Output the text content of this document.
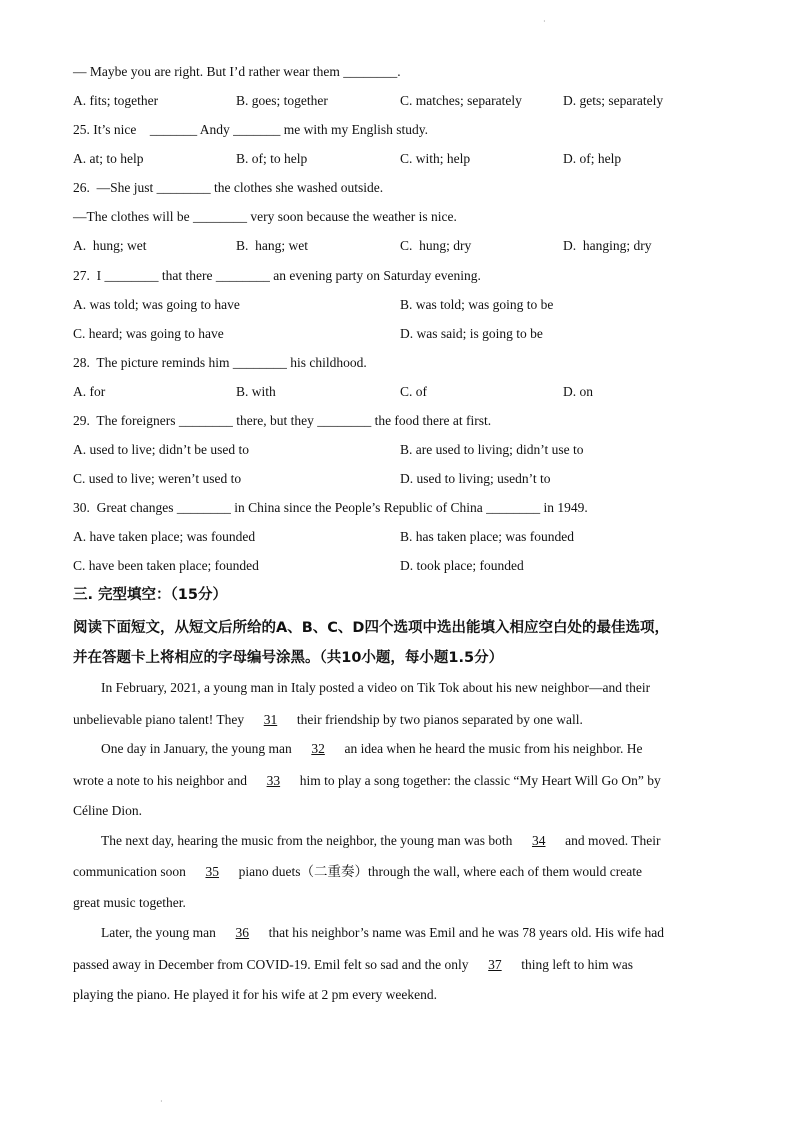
·
— Maybe you are right. But I’d rather wear them ________.
A. fits; together	B. goes; together	C. matches; separately	D. gets; separately
25. It’s nice    _______ Andy _______ me with my English study.
A. at; to help	B. of; to help	C. with; help	D. of; help
26.  —She just ________ the clothes she washed outside.
—The clothes will be ________ very soon because the weather is nice.
A.  hung; wet	B.  hang; wet	C.  hung; dry	D.  hanging; dry
27.  I ________ that there ________ an evening party on Saturday evening.
A. was told; was going to have	B. was told; was going to be
C. heard; was going to have	D. was said; is going to be
28.  The picture reminds him ________ his childhood.
A. for	B. with	C. of	D. on
29.  The foreigners ________ there, but they ________ the food there at first.
A. used to live; didn’t be used to	B. are used to living; didn’t use to
C. used to live; weren’t used to	D. used to living; usedn’t to
30.  Great changes ________ in China since the People’s Republic of China ________ in 1949.
A. have taken place; was founded	B. has taken place; was founded
C. have been taken place; founded	D. took place; founded
三. 完型填空：（15分）
阅读下面短文，从短文后所给的A、B、C、D四个选项中选出能填入相应空白处的最佳选项，
并在答题卡上将相应的字母编号涂黑。（共10小题，每小题1.5分）
In February, 2021, a young man in Italy posted a video on Tik Tok about his new neighbor—and their
unbelievable piano talent! They 31 their friendship by two pianos separated by one wall.
One day in January, the young man 32 an idea when he heard the music from his neighbor. He
wrote a note to his neighbor and 33 him to play a song together: the classic “My Heart Will Go On” by
Céline Dion.
The next day, hearing the music from the neighbor, the young man was both 34 and moved. Their
communication soon 35 piano duets（二重奏）through the wall, where each of them would create
great music together.
Later, the young man 36 that his neighbor’s name was Emil and he was 78 years old. His wife had
passed away in December from COVID-19. Emil felt so sad and the only 37 thing left to him was
playing the piano. He played it for his wife at 2 pm every weekend.
·
